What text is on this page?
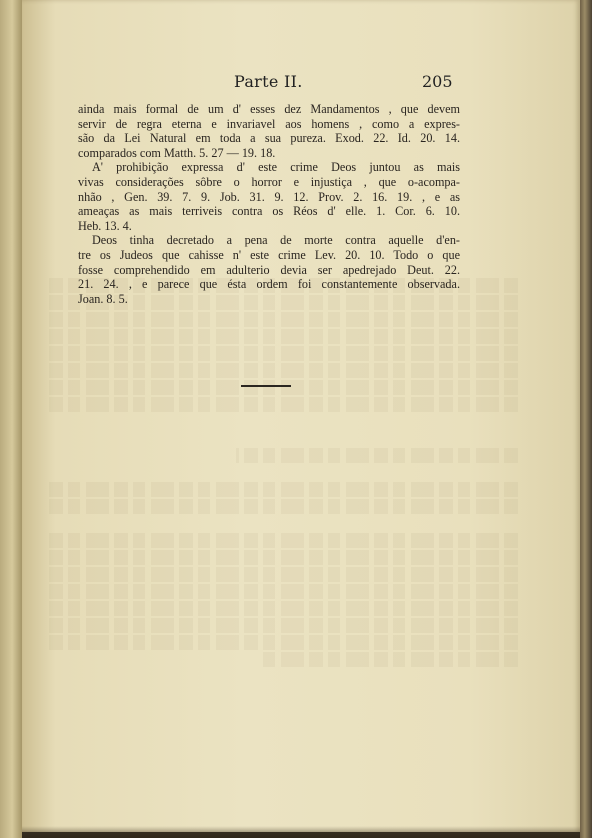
Parte II.	205
ainda mais formal de um d' esses dez Mandamentos , que devem
servir de regra eterna e invariavel aos homens , como a expres-
são da Lei Natural em toda a sua pureza. Exod. 22. Id. 20. 14.
comparados com Matth. 5. 27 — 19. 18.
A' prohibição expressa d' este crime Deos juntou as mais
vivas considerações sôbre o horror e injustiça , que o-acompa-
nhão , Gen. 39. 7. 9. Job. 31. 9. 12. Prov. 2. 16. 19. , e as
ameaças as mais terriveis contra os Réos d' elle. 1. Cor. 6. 10.
Heb. 13. 4.
Deos tinha decretado a pena de morte contra aquelle d'en-
tre os Judeos que cahisse n' este crime Lev. 20. 10. Todo o que
fosse comprehendido em adulterio devia ser apedrejado Deut. 22.
21. 24. , e parece que ésta ordem foi constantemente observada.
Joan. 8. 5.
